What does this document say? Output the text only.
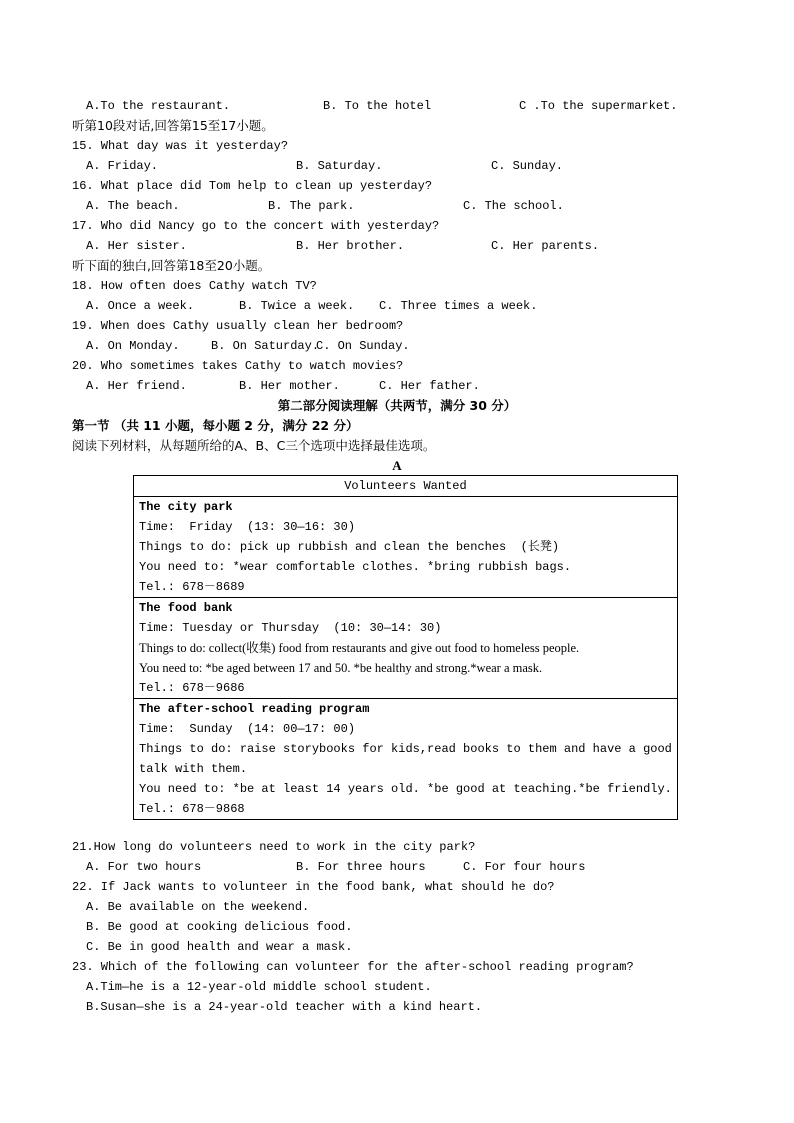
A.To the restaurant.	B. To the hotel	C .To the supermarket.
听第10段对话,回答第15至17小题。
15. What day was it yesterday?
A. Friday.	B. Saturday.	C. Sunday.
16. What place did Tom help to clean up yesterday?
A. The beach.	B. The park.	C. The school.
17. Who did Nancy go to the concert with yesterday?
A. Her sister.	B. Her brother.	C. Her parents.
听下面的独白,回答第18至20小题。
18. How often does Cathy watch TV?
A. Once a week.	B. Twice a week. C. Three times a week.
19. When does Cathy usually clean her bedroom?
A. On Monday.	B. On Saturday.
C. On Sunday.
20. Who sometimes takes Cathy to watch movies?
A. Her friend.	B. Her mother.	C. Her father.
第二部分阅读理解（共两节，满分 30 分）
第一节 （共 11 小题，每小题 2 分，满分 22 分）
阅读下列材料，从每题所给的A、B、C三个选项中选择最佳选项。
A
Volunteers Wanted

The city park
Time:  Friday  (13: 30—16: 30)
Things to do: pick up rubbish and clean the benches  (长凳)
You need to: *wear comfortable clothes. *bring rubbish bags.
Tel.: 678－8689

The food bank
Time: Tuesday or Thursday  (10: 30—14: 30)
Things to do: collect(收集) food from restaurants and give out food to homeless people.
You need to: *be aged between 17 and 50. *be healthy and strong.*wear a mask.
Tel.: 678－9686

The after-school reading program
Time:  Sunday  (14: 00—17: 00)
Things to do: raise storybooks for kids,read books to them and have a good talk with them.
You need to: *be at least 14 years old. *be good at teaching.*be friendly.
Tel.: 678－9868
21.How long do volunteers need to work in the city park?
A. For two hours	B. For three hours	C. For four hours
22. If Jack wants to volunteer in the food bank, what should he do?
A. Be available on the weekend.
B. Be good at cooking delicious food.
C. Be in good health and wear a mask.
23. Which of the following can volunteer for the after-school reading program?
A.Tim—he is a 12-year-old middle school student.
B.Susan—she is a 24-year-old teacher with a kind heart.
